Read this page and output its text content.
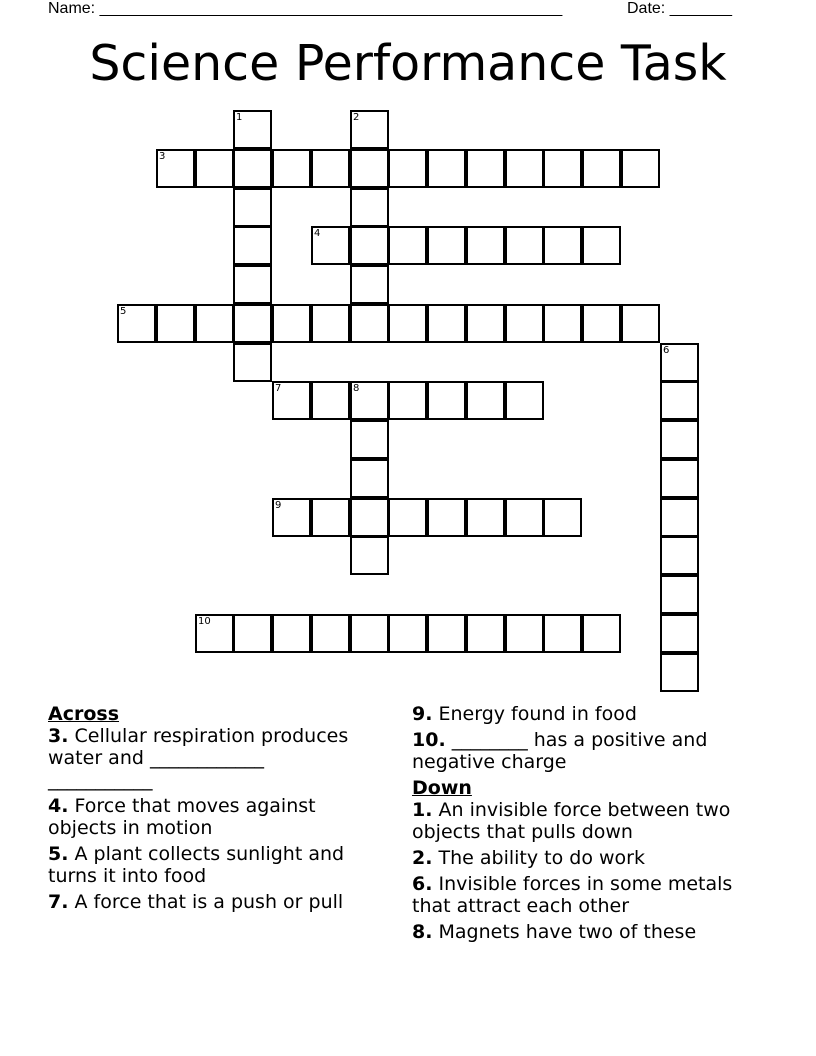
Name: ____________________________________________________	Date: _______
Science Performance Task
1	2
3
4
5
6
7	8
9
10
Across
3. Cellular respiration produces water and ____________ ___________
4. Force that moves against objects in motion
5. A plant collects sunlight and turns it into food
7. A force that is a push or pull
9. Energy found in food
10. ________ has a positive and negative charge
Down
1. An invisible force between two objects that pulls down
2. The ability to do work
6. Invisible forces in some metals that attract each other
8. Magnets have two of these
